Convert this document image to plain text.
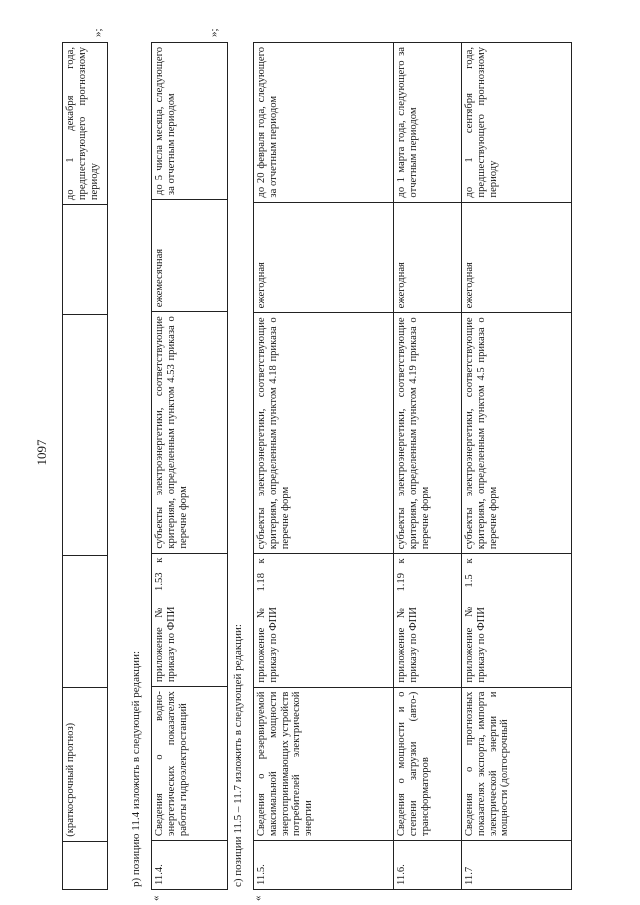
1097
	(краткосрочный прогноз)				до 1 декабря года, предшествующего прогнозному периоду
»;
р) позицию 11.4 изложить в следующей редакции:
«
11.4.	Сведения о водно-энергетических показателях работы гидроэлектростанций	приложение № 1.53 к приказу по ФПИ	субъекты электроэнергетики, соответствующие критериям, определенным пунктом 4.53 приказа о перечне форм	ежемесячная	до 5 числа месяца, следующего за отчетным периодом
»;
с) позиции 11.5 – 11.7 изложить в следующей редакции:
«
11.5.	Сведения о резервируемой максимальной мощности энергопринимающих устройств потребителей электрической энергии	приложение № 1.18 к приказу по ФПИ	субъекты электроэнергетики, соответствующие критериям, определенным пунктом 4.18 приказа о перечне форм	ежегодная	до 20 февраля года, следующего за отчетным периодом
11.6.	Сведения о мощности и о степени загрузки (авто-) трансформаторов	приложение № 1.19 к приказу по ФПИ	субъекты электроэнергетики, соответствующие критериям, определенным пунктом 4.19 приказа о перечне форм	ежегодная	до 1 марта года, следующего за отчетным периодом
11.7	Сведения о прогнозных показателях экспорта, импорта электрической энергии и мощности (долгосрочный	приложение № 1.5 к приказу по ФПИ	субъекты электроэнергетики, соответствующие критериям, определенным пунктом 4.5 приказа о перечне форм	ежегодная	до 1 сентября года, предшествующего прогнозному периоду
